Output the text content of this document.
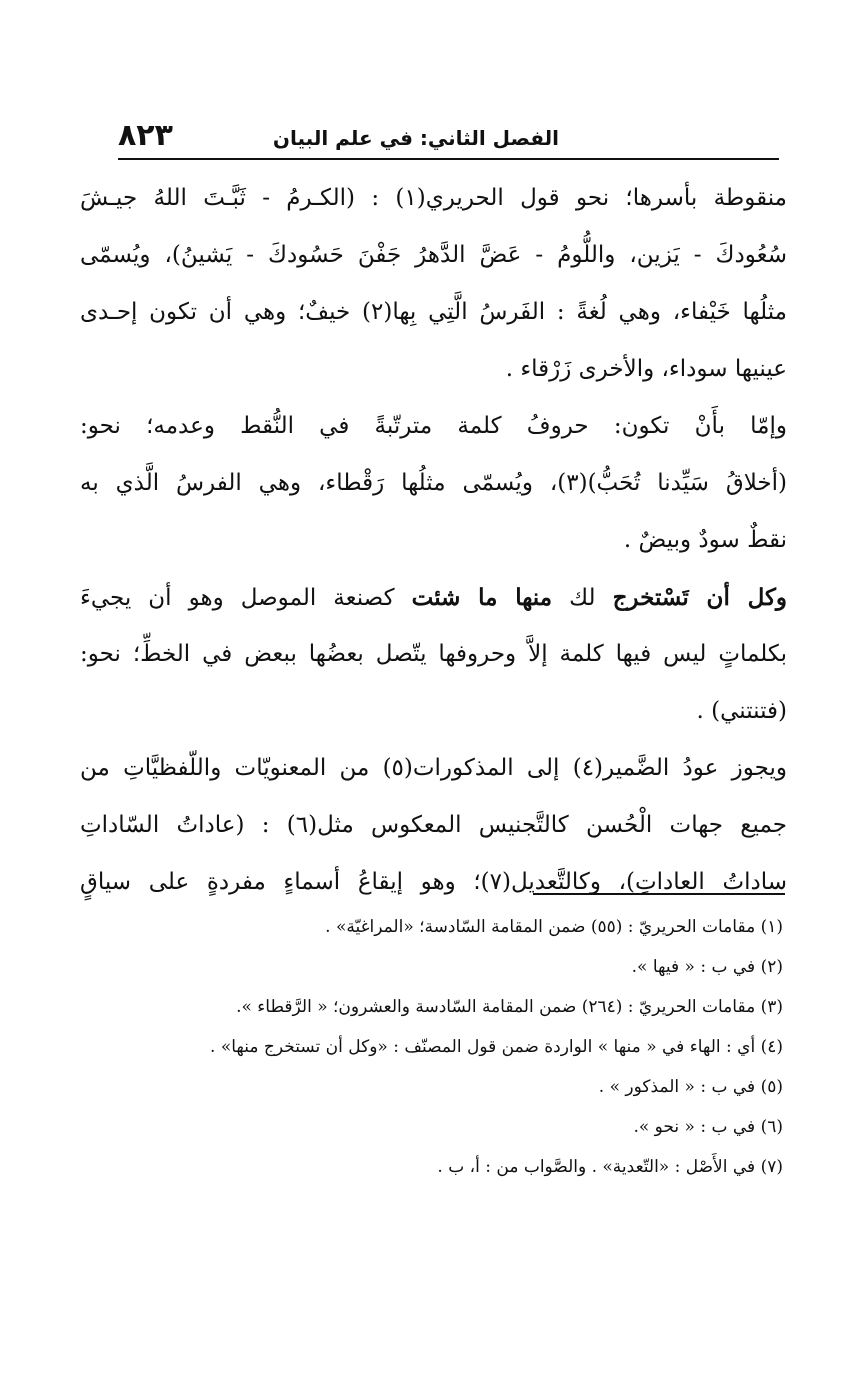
الفصل الثاني: في علم البيان
٨٢٣
منقوطة بأسرها؛ نحو قول الحريري(١) : (الكـرمُ - ثَبَّـتَ اللهُ جيـشَ
سُعُودكَ - يَزين، واللُّومُ - عَضَّ الدَّهرُ جَفْنَ حَسُودكَ - يَشينُ)، ويُسمّى
مثلُها خَيْفاء، وهي لُغةً : الفَرسُ الَّتِي بِها(٢) خيفٌ؛ وهي أن تكون إحـدى
عينيها سوداء، والأخرى زَرْقاء .
وإمّا بأَنْ تكون: حروفُ كلمة مترتّبةً في النُّقط وعدمه؛ نحو:
(أخلاقُ سَيِّدنا تُحَبُّ)(٣)، ويُسمّى مثلُها رَقْطاء، وهي الفرسُ الَّذي به
نقطٌ سودٌ وبيضٌ .
وك‍ل أن تَسْتخرج لك منها ما شئت كصنعة الموصل وهو أن يجيءَ
بكلماتٍ ليس فيها كلمة إلاَّ وحروفها يتّصل بعضُها ببعض في الخطِّ؛ نحو:
(فتنتني) .
ويجوز عودُ الضَّمير(٤) إلى المذكورات(٥) من المعنويّات واللّفظيَّاتِ من
جميع جهات الْحُسن كالتَّجنيس المعكوس مثل(٦) : (عاداتُ السّاداتِ
ساداتُ العاداتِ)، وكالتَّعديل(٧)؛ وهو إيقاعُ أسماءٍ مفردةٍ على سياقٍ
(١) مقامات الحريريّ : (٥٥) ضمن المقامة السّادسة؛ «المراغيّة» .
(٢) في ب : « فيها ».
(٣) مقامات الحريريّ : (٢٦٤) ضمن المقامة السّادسة والعشرون؛ « الرَّقطاء ».
(٤) أي : الهاء في « منها » الواردة ضمن قول المصنّف : «وكل أن تستخرج منها» .
(٥) في ب : « المذكور » .
(٦) في ب : « نحو ».
(٧) في الأَصْل : «التّعدية» . والصَّواب من : أ، ب .
